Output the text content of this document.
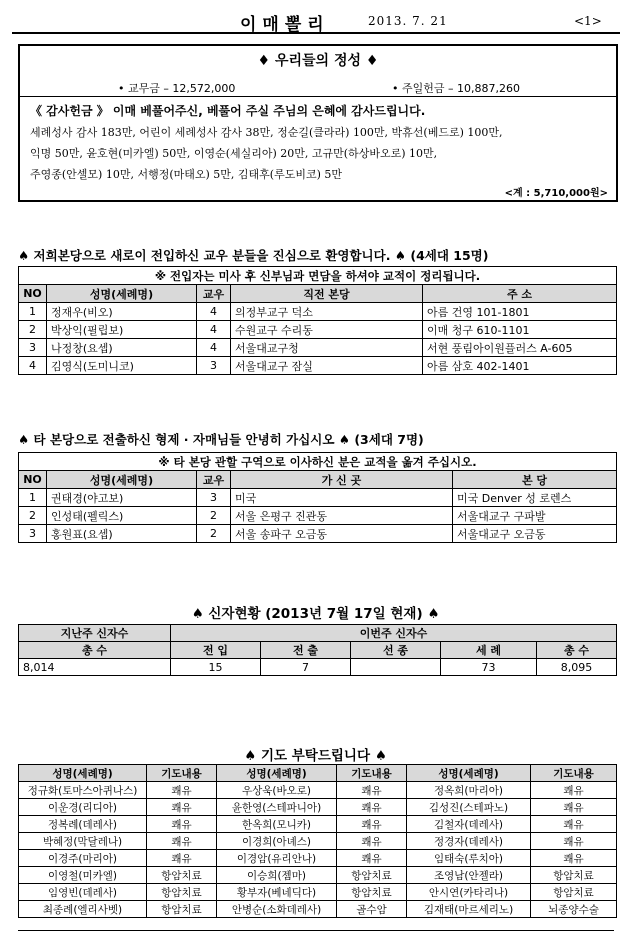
이매뽈리	2013. 7. 21	<1>
♦ 우리들의 정성 ♦
• 교무금 – 12,572,000	• 주일헌금 – 10,887,260
《 감사헌금 》 이매 베풀어주신, 베풀어 주실 주님의 은혜에 감사드립니다.
세례성사 감사 183만, 어린이 세례성사 감사 38만, 정순길(클라라) 100만, 박휴선(베드로) 100만,
익명 50만, 윤호현(미카엘) 50만, 이영순(세실리아) 20만, 고규만(하상바오로) 10만,
주영종(안셀모) 10만, 서행정(마태오) 5만, 김태후(루도비코) 5만
<계 : 5,710,000원>
♠ 저희본당으로 새로이 전입하신 교우 분들을 진심으로 환영합니다. ♠ (4세대 15명)
※ 전입자는 미사 후 신부님과 면담을 하셔야 교적이 정리됩니다.				
NO	성명(세례명)	교우	직전 본당	주 소
1	정재우(비오)	4	의정부교구 덕소	아름 건영 101-1801
2	박상익(필립보)	4	수원교구 수리동	이매 청구 610-1101
3	나정창(요셉)	4	서울대교구청	서현 풍림아이원플러스 A-605
4	김영식(도미니코)	3	서울대교구 잠실	아름 삼호 402-1401
♠ 타 본당으로 전출하신 형제 · 자매님들 안녕히 가십시오 ♠ (3세대 7명)
※ 타 본당 관할 구역으로 이사하신 분은 교적을 옮겨 주십시오.				
NO	성명(세례명)	교우	가 신 곳	본 당
1	권태경(야고보)	3	미국	미국 Denver 성 로렌스
2	인성태(펠릭스)	2	서울 은평구 진관동	서울대교구 구파발
3	홍원표(요셉)	2	서울 송파구 오금동	서울대교구 오금동
♠ 신자현황 (2013년 7월 17일 현재) ♠
지난주 신자수	이번주 신자수				
총 수	전 입	전 출	선 종	세 례	총 수
8,014	15	7		73	8,095
♠ 기도 부탁드립니다 ♠
성명(세례명)	기도내용	성명(세례명)	기도내용	성명(세례명)	기도내용
정규화(토마스아퀴나스)	쾌유	우상욱(바오로)	쾌유	정옥희(마리아)	쾌유
이운경(리디아)	쾌유	윤한영(스테파니아)	쾌유	김성진(스테파노)	쾌유
정복례(데레사)	쾌유	한옥희(모니카)	쾌유	김철자(데레사)	쾌유
박혜정(막달레나)	쾌유	이경희(아녜스)	쾌유	정경자(데레사)	쾌유
이경주(마리아)	쾌유	이경암(유리안나)	쾌유	임태숙(루치아)	쾌유
이영철(미카엘)	항암치료	이승희(젬마)	항암치료	조영남(안젤라)	항암치료
임영빈(데레사)	항암치료	황부자(베네딕다)	항암치료	안시연(카타리나)	항암치료
최종례(엘리사벳)	항암치료	안병순(소화데레사)	골수암	김재태(마르세리노)	뇌종양수술
